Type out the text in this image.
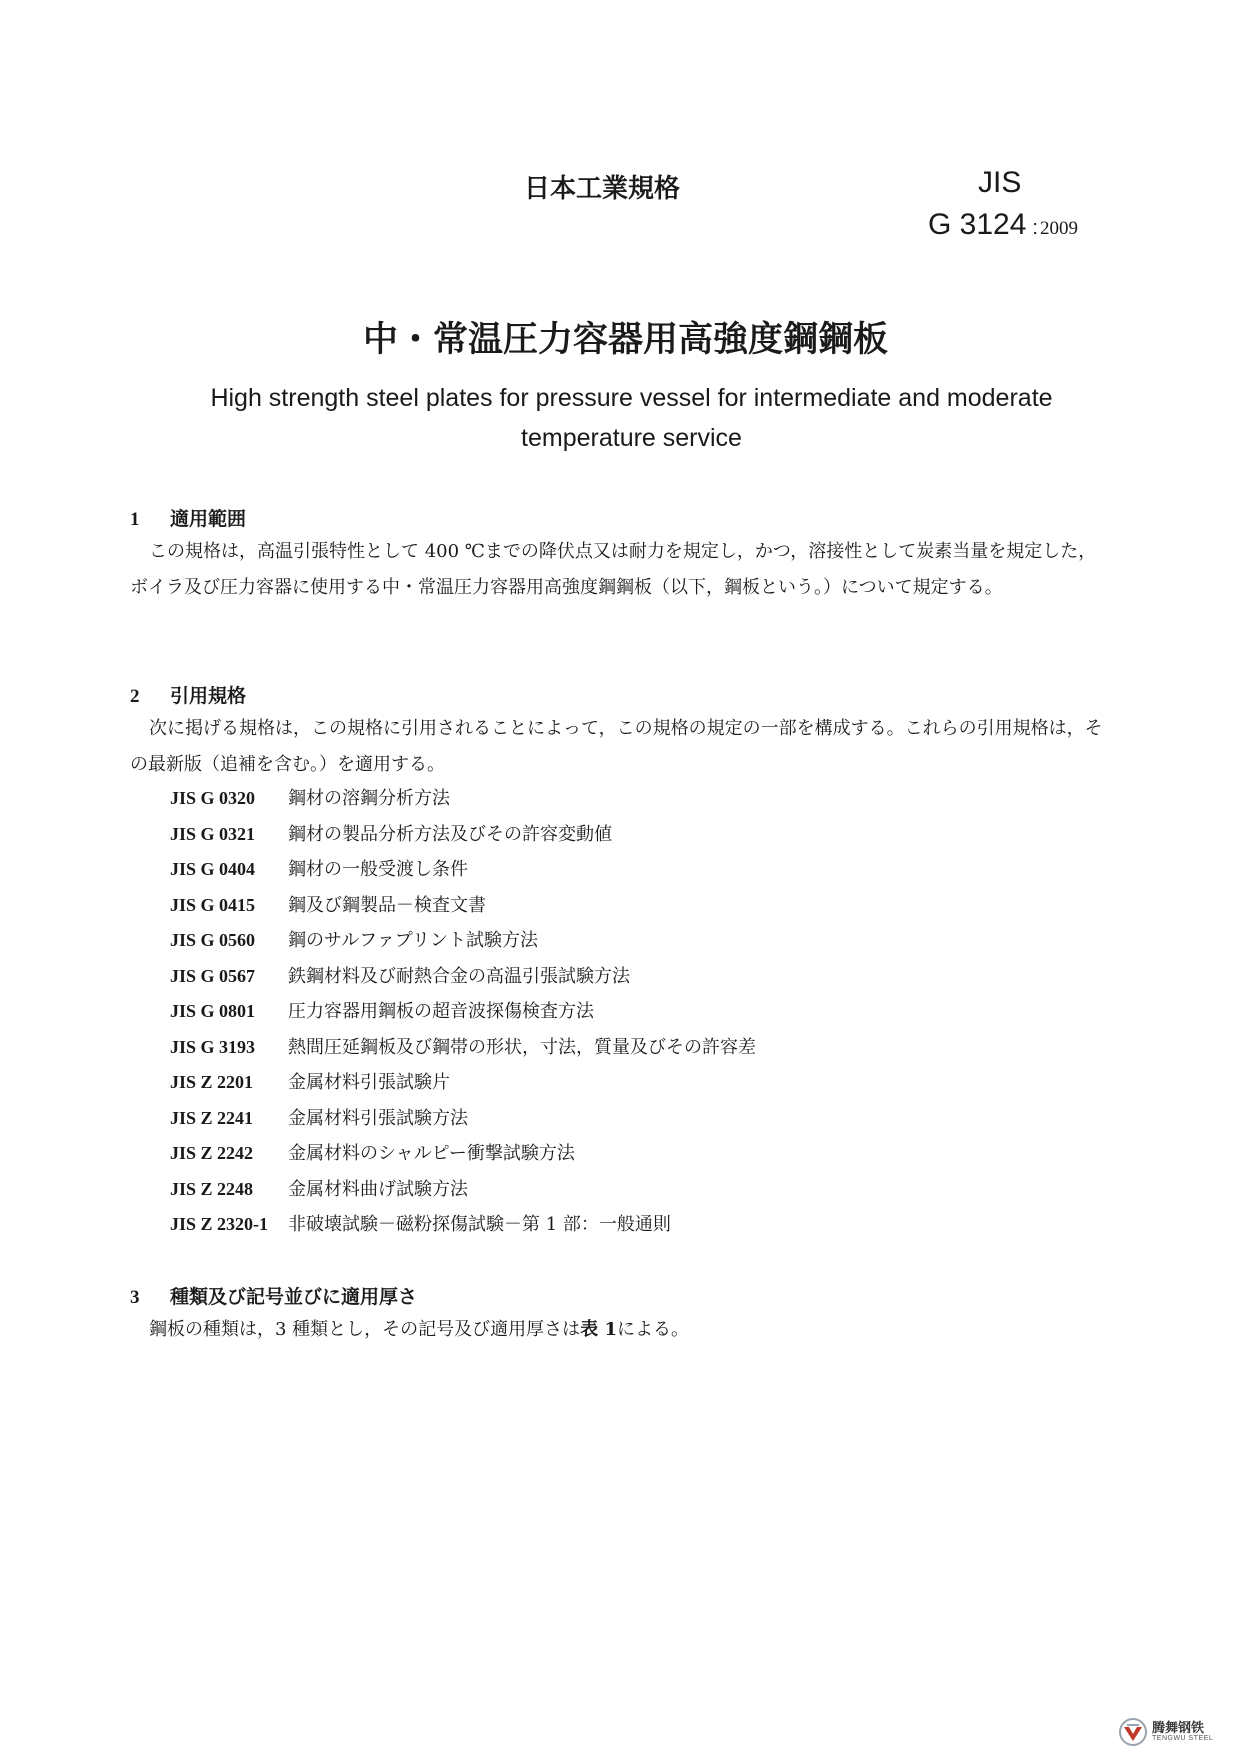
日本工業規格	JIS
G 3124 : 2009
中・常温圧力容器用高強度鋼鋼板
High strength steel plates for pressure vessel for intermediate and moderate temperature service
1 適用範囲
この規格は，高温引張特性として 400 ℃までの降伏点又は耐力を規定し，かつ，溶接性として炭素当量を規定した，ボイラ及び圧力容器に使用する中・常温圧力容器用高強度鋼鋼板（以下，鋼板という。）について規定する。
2 引用規格
次に掲げる規格は，この規格に引用されることによって，この規格の規定の一部を構成する。これらの引用規格は，その最新版（追補を含む。）を適用する。
JIS G 0320 鋼材の溶鋼分析方法
JIS G 0321 鋼材の製品分析方法及びその許容変動値
JIS G 0404 鋼材の一般受渡し条件
JIS G 0415 鋼及び鋼製品－検査文書
JIS G 0560 鋼のサルファプリント試験方法
JIS G 0567 鉄鋼材料及び耐熱合金の高温引張試験方法
JIS G 0801 圧力容器用鋼板の超音波探傷検査方法
JIS G 3193 熱間圧延鋼板及び鋼帯の形状，寸法，質量及びその許容差
JIS Z 2201 金属材料引張試験片
JIS Z 2241 金属材料引張試験方法
JIS Z 2242 金属材料のシャルピー衝撃試験方法
JIS Z 2248 金属材料曲げ試験方法
JIS Z 2320-1 非破壊試験－磁粉探傷試験－第 1 部：一般通則
3 種類及び記号並びに適用厚さ
鋼板の種類は，3 種類とし，その記号及び適用厚さは表 1による。
腾舞钢铁
TENGWU STEEL
